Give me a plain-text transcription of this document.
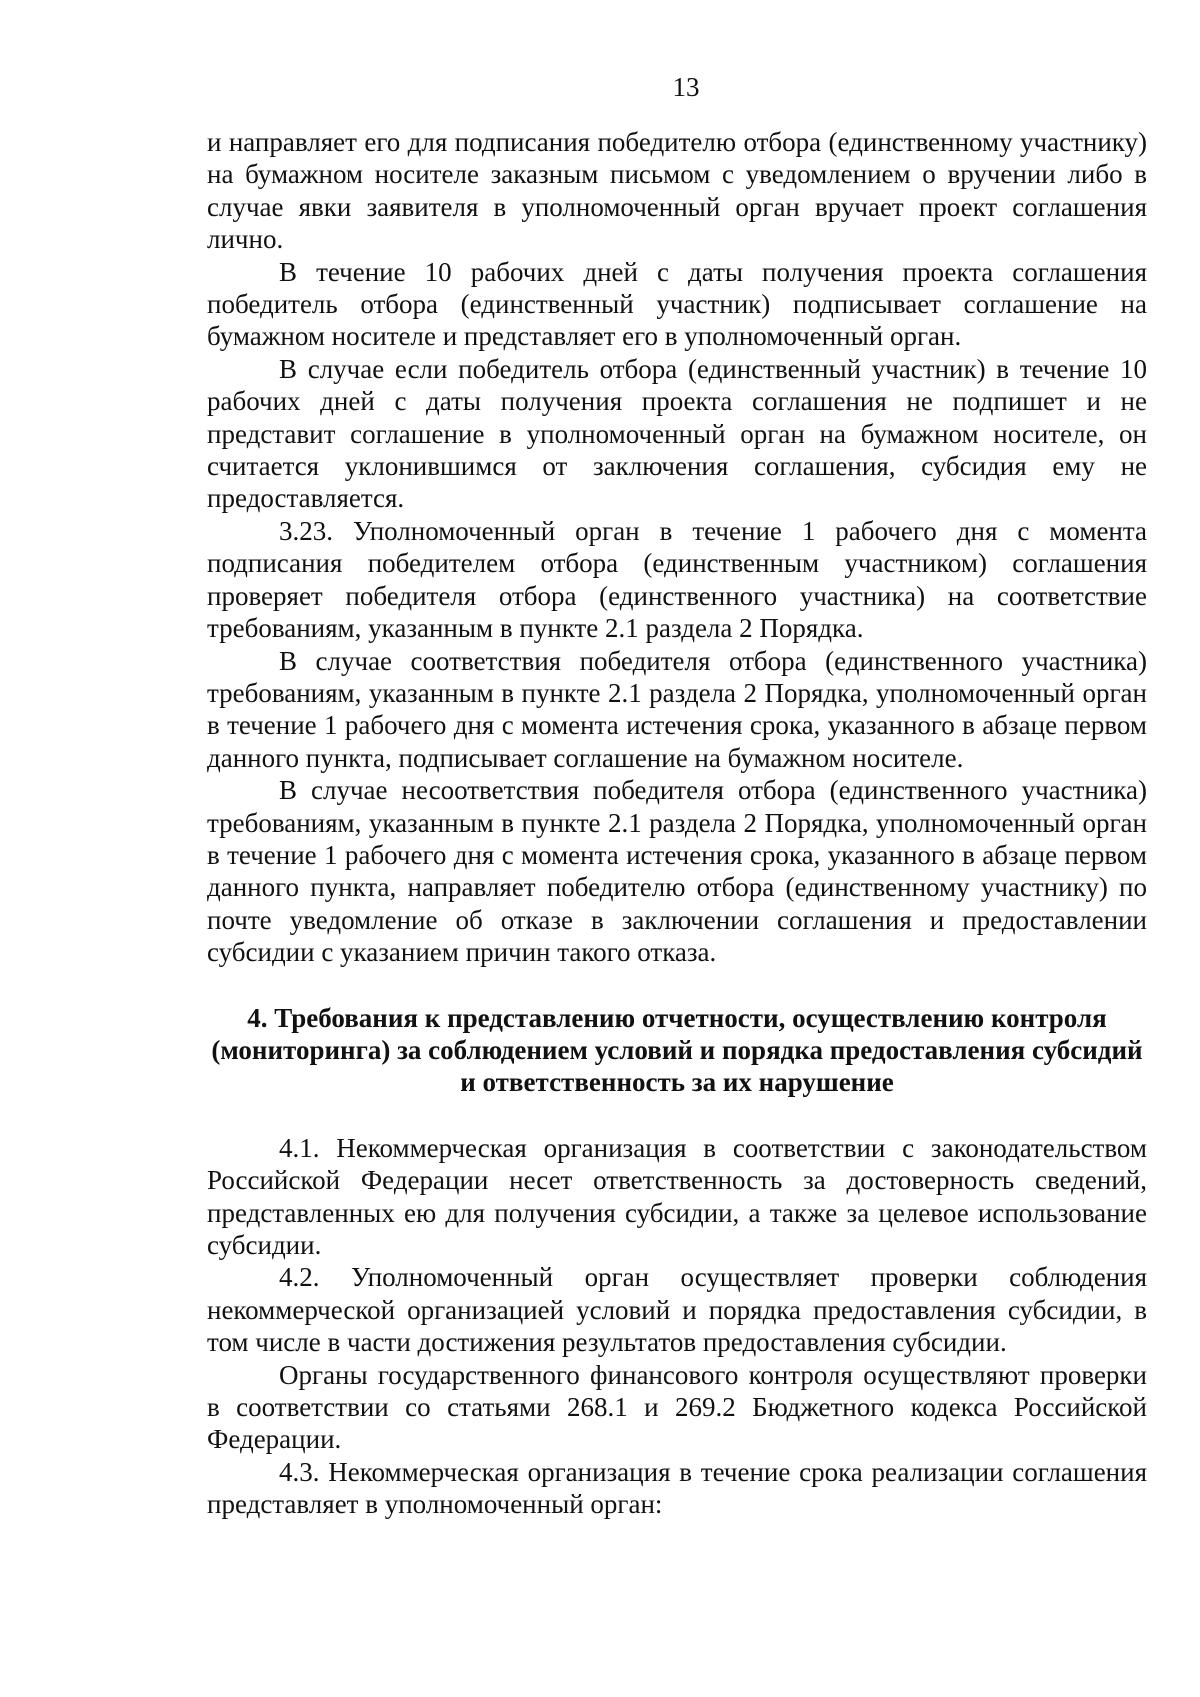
13

и направляет его для подписания победителю отбора (единственному участнику) на бумажном носителе заказным письмом с уведомлением о вручении либо в случае явки заявителя в уполномоченный орган вручает проект соглашения лично.

В течение 10 рабочих дней с даты получения проекта соглашения победитель отбора (единственный участник) подписывает соглашение на бумажном носителе и представляет его в уполномоченный орган.

В случае если победитель отбора (единственный участник) в течение 10 рабочих дней с даты получения проекта соглашения не подпишет и не представит соглашение в уполномоченный орган на бумажном носителе, он считается уклонившимся от заключения соглашения, субсидия ему не предоставляется.

3.23. Уполномоченный орган в течение 1 рабочего дня с момента подписания победителем отбора (единственным участником) соглашения проверяет победителя отбора (единственного участника) на соответствие требованиям, указанным в пункте 2.1 раздела 2 Порядка.

В случае соответствия победителя отбора (единственного участника) требованиям, указанным в пункте 2.1 раздела 2 Порядка, уполномоченный орган в течение 1 рабочего дня с момента истечения срока, указанного в абзаце первом данного пункта, подписывает соглашение на бумажном носителе.

В случае несоответствия победителя отбора (единственного участника) требованиям, указанным в пункте 2.1 раздела 2 Порядка, уполномоченный орган в течение 1 рабочего дня с момента истечения срока, указанного в абзаце первом данного пункта, направляет победителю отбора (единственному участнику) по почте уведомление об отказе в заключении соглашения и предоставлении субсидии с указанием причин такого отказа.

4. Требования к представлению отчетности, осуществлению контроля
(мониторинга) за соблюдением условий и порядка предоставления субсидий
и ответственность за их нарушение

4.1. Некоммерческая организация в соответствии с законодательством Российской Федерации несет ответственность за достоверность сведений, представленных ею для получения субсидии, а также за целевое использование субсидии.

4.2. Уполномоченный орган осуществляет проверки соблюдения некоммерческой организацией условий и порядка предоставления субсидии, в том числе в части достижения результатов предоставления субсидии.

Органы государственного финансового контроля осуществляют проверки в соответствии со статьями 268.1 и 269.2 Бюджетного кодекса Российской Федерации.

4.3. Некоммерческая организация в течение срока реализации соглашения представляет в уполномоченный орган:
